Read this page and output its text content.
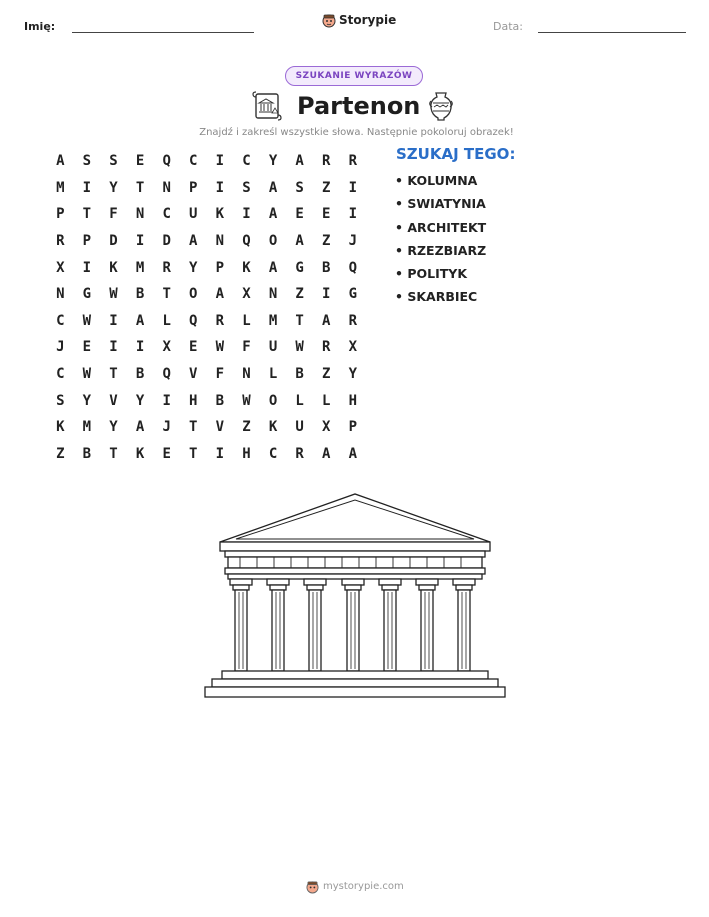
Imię:	Storypie	Data:
SZUKANIE WYRAZÓW
Partenon
Znajdź i zakreśl wszystkie słowa. Następnie pokoloruj obrazek!
A	S	S	E	Q	C	I	C	Y	A	R	R
M	I	Y	T	N	P	I	S	A	S	Z	I
P	T	F	N	C	U	K	I	A	E	E	I
R	P	D	I	D	A	N	Q	O	A	Z	J
X	I	K	M	R	Y	P	K	A	G	B	Q
N	G	W	B	T	O	A	X	N	Z	I	G
C	W	I	A	L	Q	R	L	M	T	A	R
J	E	I	I	X	E	W	F	U	W	R	X
C	W	T	B	Q	V	F	N	L	B	Z	Y
S	Y	V	Y	I	H	B	W	O	L	L	H
K	M	Y	A	J	T	V	Z	K	U	X	P
Z	B	T	K	E	T	I	H	C	R	A	A
SZUKAJ TEGO:
• KOLUMNA
• SWIATYNIA
• ARCHITEKT
• RZEZBIARZ
• POLITYK
• SKARBIEC
mystorypie.com
